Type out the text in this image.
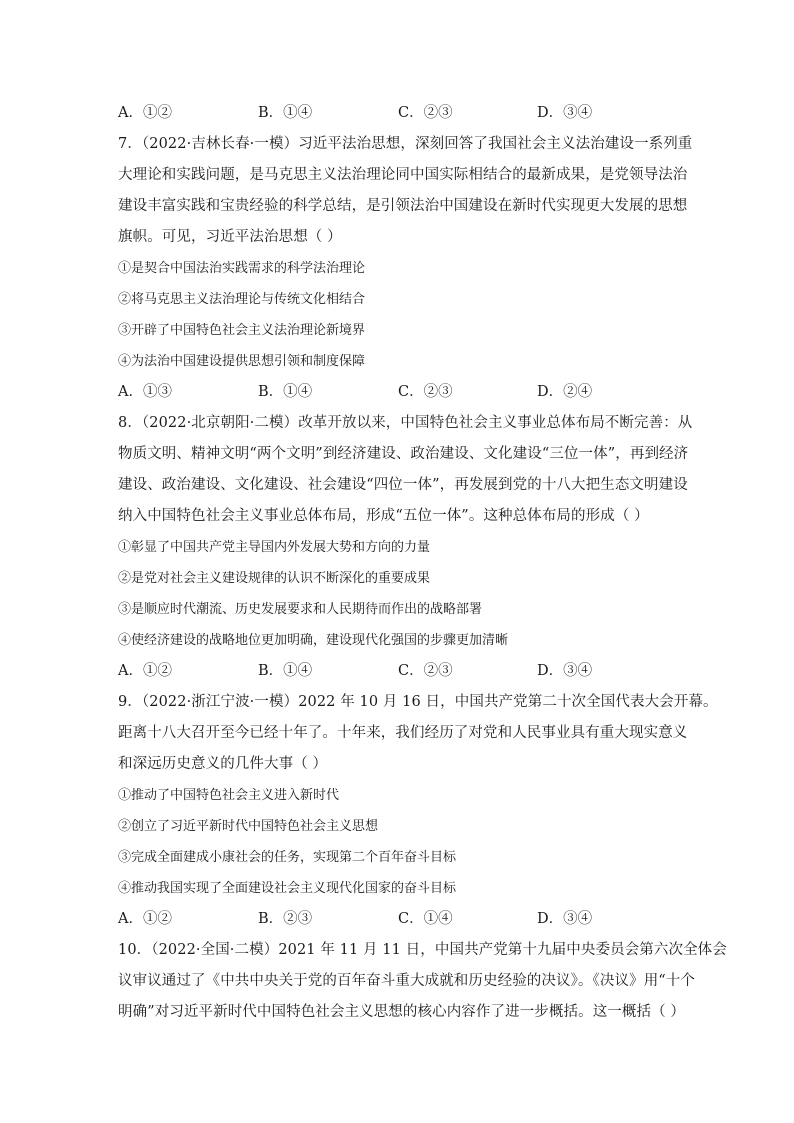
A．①②	B．①④	C．②③	D．③④
7．（2022·吉林长春·一模）习近平法治思想，深刻回答了我国社会主义法治建设一系列重
大理论和实践问题，是马克思主义法治理论同中国实际相结合的最新成果，是党领导法治
建设丰富实践和宝贵经验的科学总结，是引领法治中国建设在新时代实现更大发展的思想
旗帜。可见，习近平法治思想（ ）
①是契合中国法治实践需求的科学法治理论
②将马克思主义法治理论与传统文化相结合
③开辟了中国特色社会主义法治理论新境界
④为法治中国建设提供思想引领和制度保障
A．①③	B．①④	C．②③	D．②④
8．（2022·北京朝阳·二模）改革开放以来，中国特色社会主义事业总体布局不断完善：从
物质文明、精神文明“两个文明”到经济建设、政治建设、文化建设“三位一体”，再到经济
建设、政治建设、文化建设、社会建设“四位一体”，再发展到党的十八大把生态文明建设
纳入中国特色社会主义事业总体布局，形成“五位一体”。这种总体布局的形成（ ）
①彰显了中国共产党主导国内外发展大势和方向的力量
②是党对社会主义建设规律的认识不断深化的重要成果
③是顺应时代潮流、历史发展要求和人民期待而作出的战略部署
④使经济建设的战略地位更加明确，建设现代化强国的步骤更加清晰
A．①②	B．①④	C．②③	D．③④
9．（2022·浙江宁波·一模）2022 年 10 月 16 日，中国共产党第二十次全国代表大会开幕。
距离十八大召开至今已经十年了。十年来，我们经历了对党和人民事业具有重大现实意义
和深远历史意义的几件大事（ ）
①推动了中国特色社会主义进入新时代
②创立了习近平新时代中国特色社会主义思想
③完成全面建成小康社会的任务，实现第二个百年奋斗目标
④推动我国实现了全面建设社会主义现代化国家的奋斗目标
A．①②	B．②③	C．①④	D．③④
10．（2022·全国·二模）2021 年 11 月 11 日，中国共产党第十九届中央委员会第六次全体会
议审议通过了《中共中央关于党的百年奋斗重大成就和历史经验的决议》。《决议》用“十个
明确”对习近平新时代中国特色社会主义思想的核心内容作了进一步概括。这一概括（ ）
